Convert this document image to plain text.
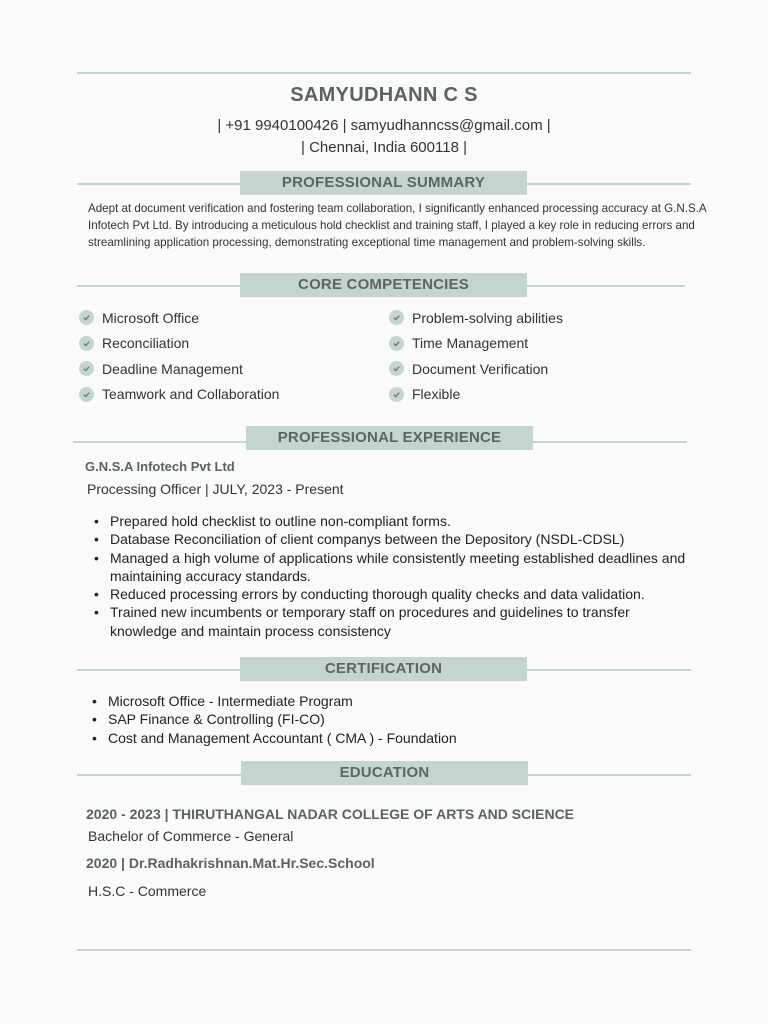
SAMYUDHANN C S
| +91 9940100426 | samyudhanncss@gmail.com |
| Chennai, India 600118 |
PROFESSIONAL SUMMARY
Adept at document verification and fostering team collaboration, I significantly enhanced processing accuracy at G.N.S.A Infotech Pvt Ltd. By introducing a meticulous hold checklist and training staff, I played a key role in reducing errors and streamlining application processing, demonstrating exceptional time management and problem-solving skills.
CORE COMPETENCIES
Microsoft Office
Reconciliation
Deadline Management
Teamwork and Collaboration
Problem-solving abilities
Time Management
Document Verification
Flexible
PROFESSIONAL EXPERIENCE
G.N.S.A Infotech Pvt Ltd
Processing Officer | JULY, 2023 - Present
• Prepared hold checklist to outline non-compliant forms.
• Database Reconciliation of client companys between the Depository (NSDL-CDSL)
• Managed a high volume of applications while consistently meeting established deadlines and maintaining accuracy standards.
• Reduced processing errors by conducting thorough quality checks and data validation.
• Trained new incumbents or temporary staff on procedures and guidelines to transfer knowledge and maintain process consistency
CERTIFICATION
• Microsoft Office - Intermediate Program
• SAP Finance & Controlling (FI-CO)
• Cost and Management Accountant ( CMA ) - Foundation
EDUCATION
2020 - 2023 | THIRUTHANGAL NADAR COLLEGE OF ARTS AND SCIENCE
Bachelor of Commerce - General
2020 | Dr.Radhakrishnan.Mat.Hr.Sec.School
H.S.C - Commerce
